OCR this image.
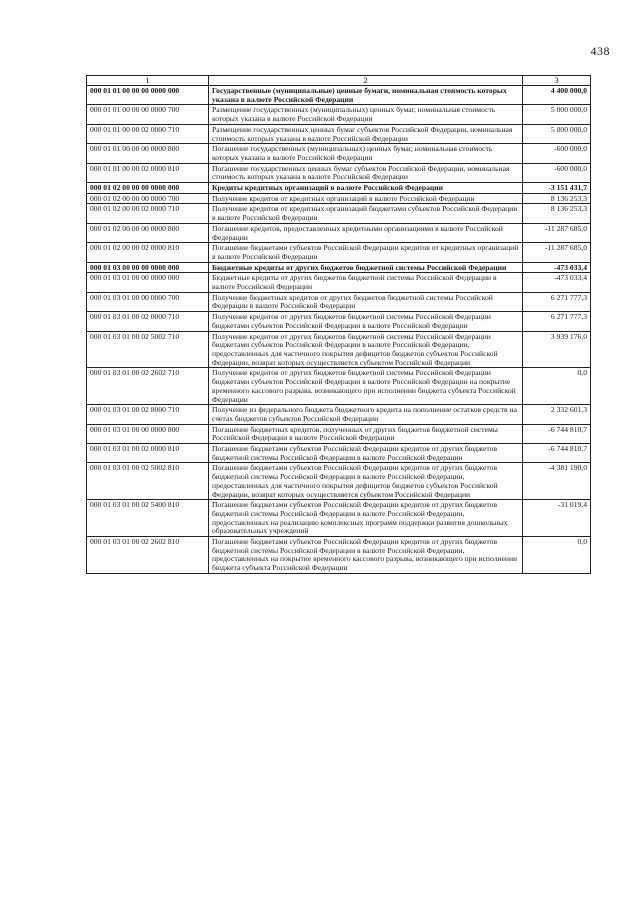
438
1	2	3
000 01 01 00 00 00 0000 000	Государственные (муниципальные) ценные бумаги, номинальная стоимость которых указана в валюте Российской Федерации	4 400 000,0
000 01 01 00 00 00 0000 700	Размещение государственных (муниципальных) ценных бумаг, номинальная стоимость которых указана в валюте Российской Федерации	5 000 000,0
000 01 01 00 00 02 0000 710	Размещение государственных ценных бумаг субъектов Российской Федерации, номинальная стоимость которых указана в валюте Российской Федерации	5 000 000,0
000 01 01 00 00 00 0000 800	Погашение государственных (муниципальных) ценных бумаг, номинальная стоимость которых указана в валюте Российской Федерации	-600 000,0
000 01 01 00 00 02 0000 810	Погашение государственных ценных бумаг субъектов Российской Федерации, номинальная стоимость которых указана в валюте Российской Федерации	-600 000,0
000 01 02 00 00 00 0000 000	Кредиты кредитных организаций в валюте Российской Федерации	-3 151 431,7
000 01 02 00 00 00 0000 700	Получение кредитов от кредитных организаций в валюте Российской Федерации	8 136 253,3
000 01 02 00 00 02 0000 710	Получение кредитов от кредитных организаций бюджетами субъектов Российской Федерации в валюте Российской Федерации	8 136 253,3
000 01 02 00 00 00 0000 800	Погашение кредитов, предоставленных кредитными организациями в валюте Российской Федерации	-11 287 685,0
000 01 02 00 00 02 0000 810	Погашение бюджетами субъектов Российской Федерации кредитов от кредитных организаций в валюте Российской Федерации	-11 287 685,0
000 01 03 00 00 00 0000 000	Бюджетные кредиты от других бюджетов бюджетной системы Российской Федерации	-473 033,4
000 01 03 01 00 00 0000 000	Бюджетные кредиты от других бюджетов бюджетной системы Российской Федерации в валюте Российской Федерации	-473 033,4
000 01 03 01 00 00 0000 700	Получение бюджетных кредитов от других бюджетов бюджетной системы Российской Федерации в валюте Российской Федерации	6 271 777,3
000 01 03 01 00 02 0000 710	Получение кредитов от других бюджетов бюджетной системы Российской Федерации бюджетами субъектов Российской Федерации в валюте Российской Федерации	6 271 777,3
000 01 03 01 00 02 5002 710	Получение кредитов от других бюджетов бюджетной системы Российской Федерации бюджетами субъектов Российской Федерации в валюте Российской Федерации, предоставленных для частичного покрытия дефицитов бюджетов субъектов Российской Федерации, возврат которых осуществляется субъектом Российской Федерации	3 939 176,0
000 01 03 01 00 02 2602 710	Получение кредитов от других бюджетов бюджетной системы Российской Федерации бюджетами субъектов Российской Федерации в валюте Российской Федерации на покрытие временного кассового разрыва, возникающего при исполнении бюджета субъекта Российской Федерации	0,0
000 01 03 01 00 02 8000 710	Получение из федерального бюджета бюджетного кредита на пополнение остатков средств на счетах бюджетов субъектов Российской Федерации	2 332 601,3
000 01 03 01 00 00 0000 800	Погашение бюджетных кредитов, полученных от других бюджетов бюджетной системы Российской Федерации в валюте Российской Федерации	-6 744 810,7
000 01 03 01 00 02 0000 810	Погашение бюджетами субъектов Российской Федерации кредитов от других бюджетов бюджетной системы Российской Федерации в валюте Российской Федерации	-6 744 810,7
000 01 03 01 00 02 5002 810	Погашение бюджетами субъектов Российской Федерации кредитов от других бюджетов бюджетной системы Российской Федерации в валюте Российской Федерации, предоставленных для частичного покрытия дефицитов бюджетов субъектов Российской Федерации, возврат которых осуществляется субъектом Российской Федерации	-4 381 190,0
000 01 03 01 00 02 5400 810	Погашение бюджетами субъектов Российской Федерации кредитов от других бюджетов бюджетной системы Российской Федерации в валюте Российской Федерации, предоставленных на реализацию комплексных программ поддержки развития дошкольных образовательных учреждений	-31 019,4
000 01 03 01 00 02 2602 810	Погашение бюджетами субъектов Российской Федерации кредитов от других бюджетов бюджетной системы Российской Федерации в валюте Российской Федерации, предоставленных на покрытие временного кассового разрыва, возникающего при исполнении бюджета субъекта Российской Федерации	0,0
